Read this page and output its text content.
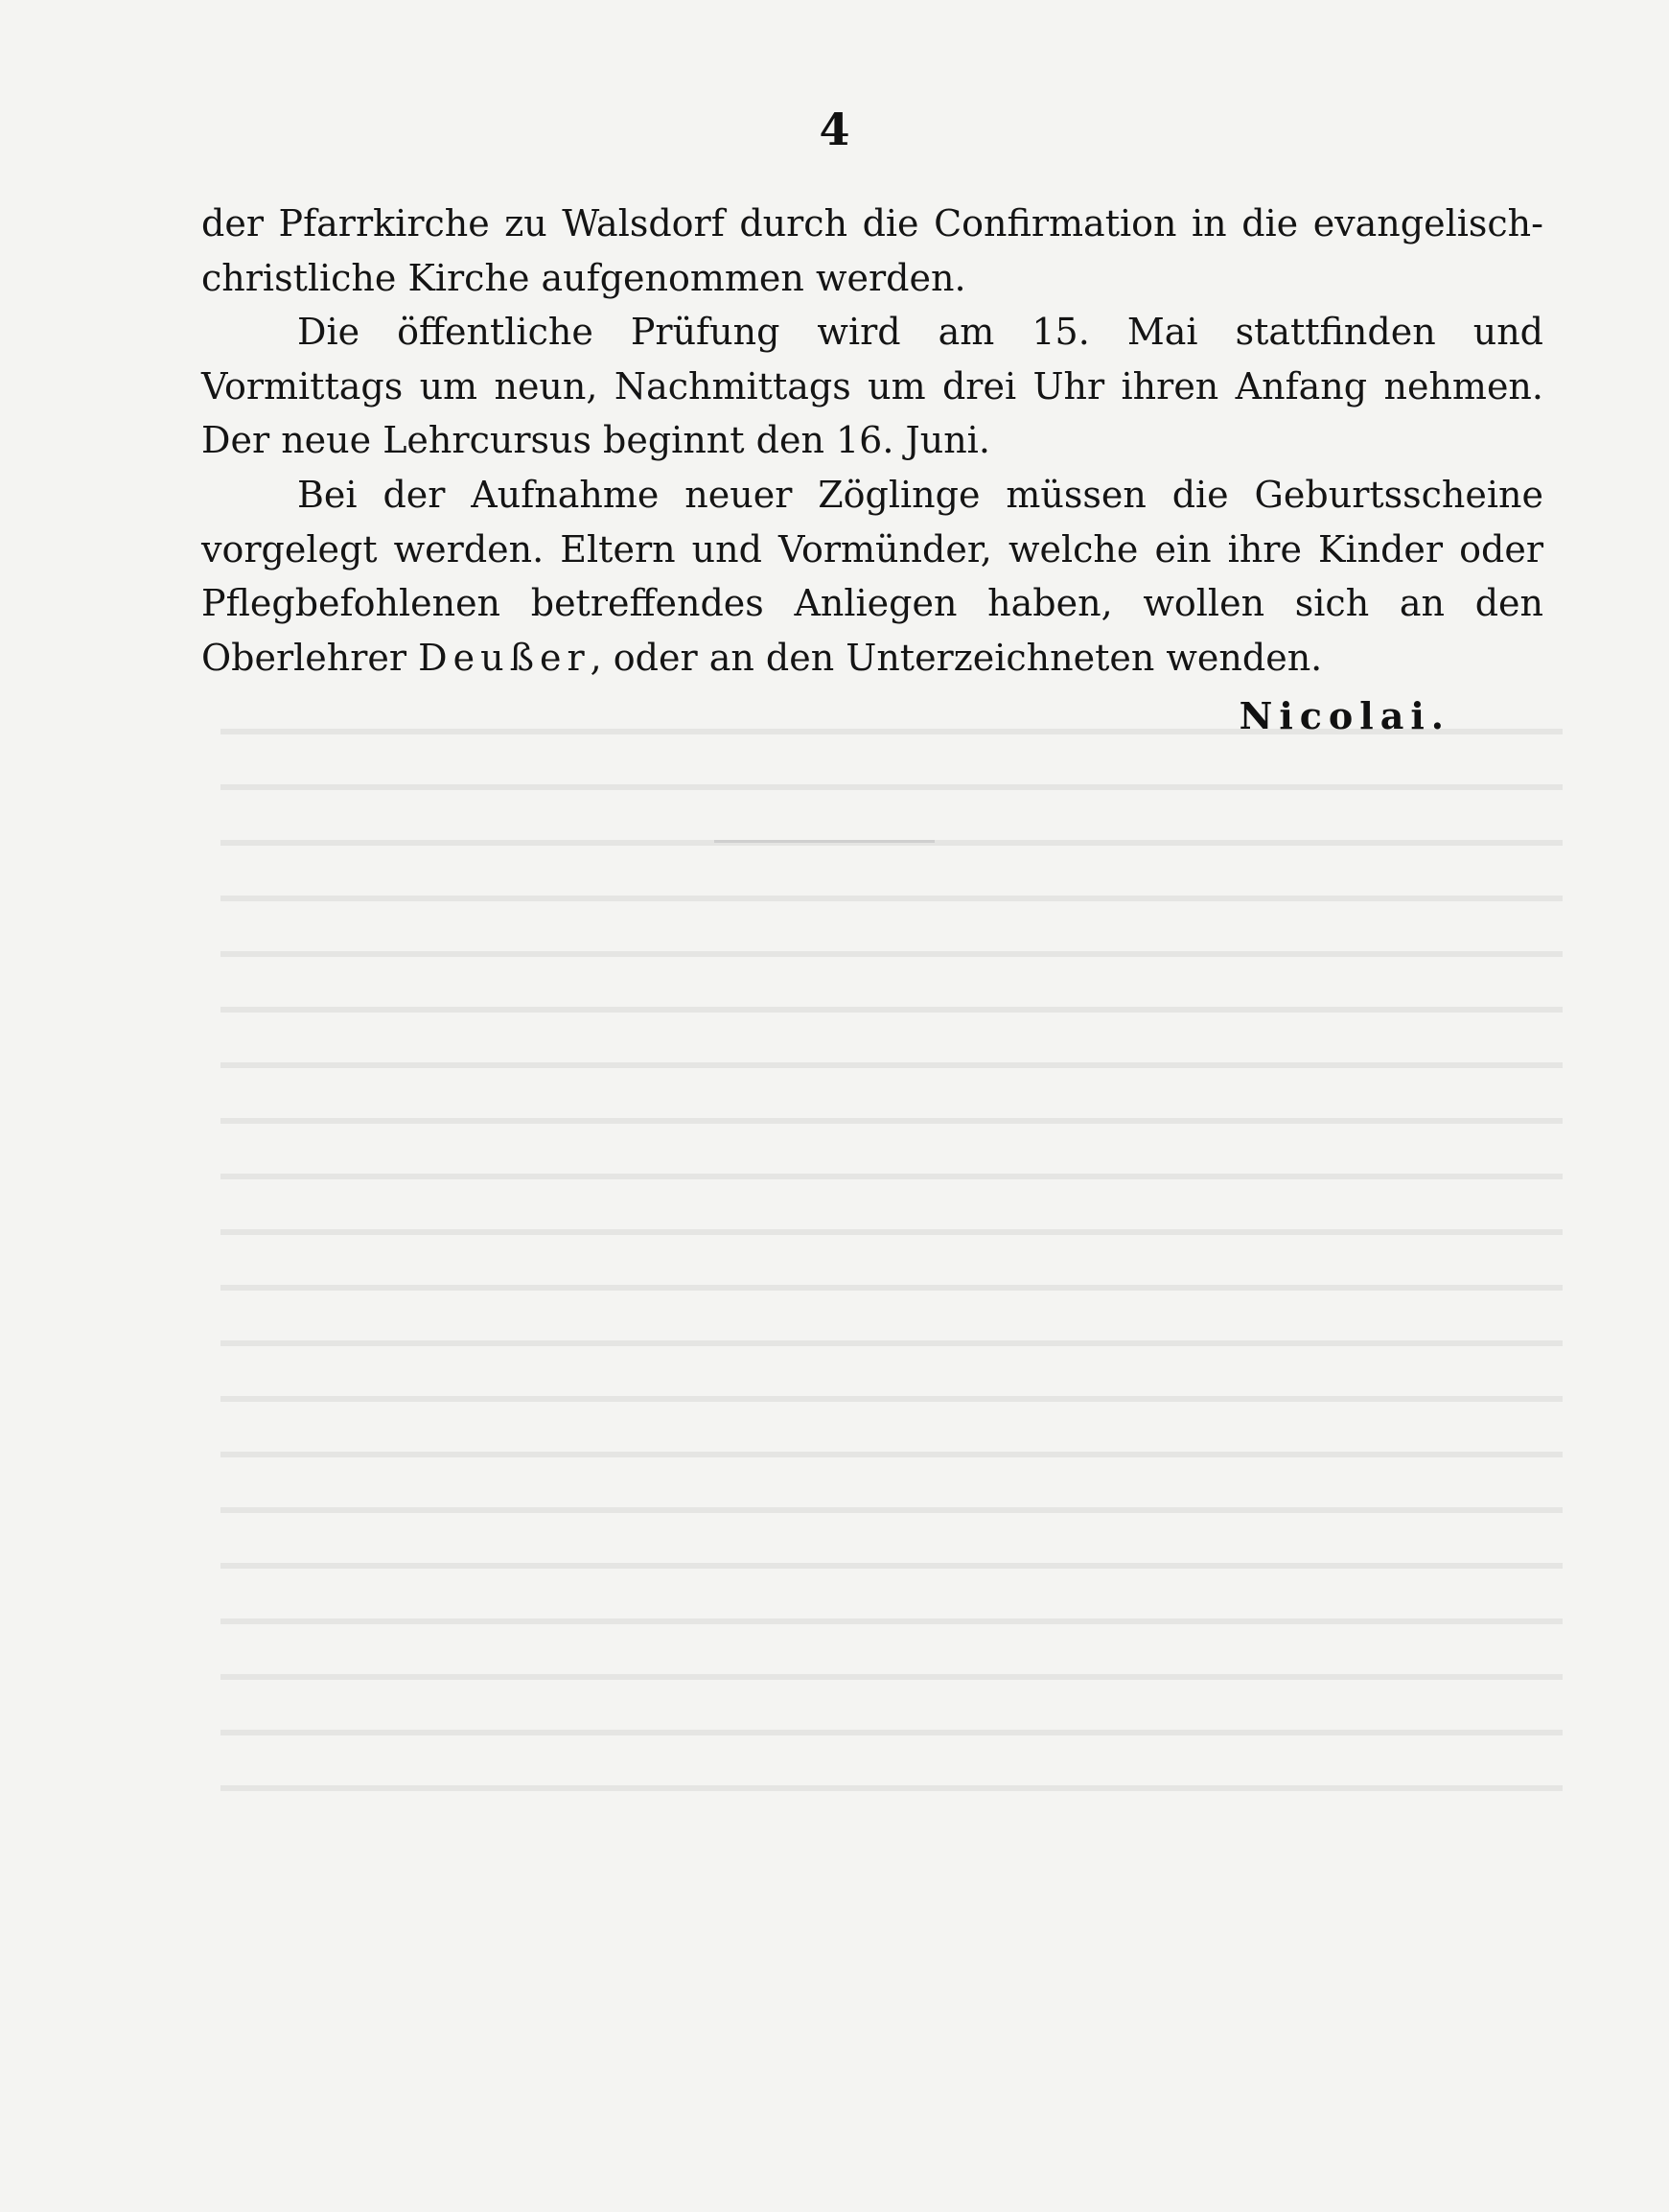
4

der Pfarrkirche zu Walsdorf durch die Confirmation in die evangelisch-christliche Kirche aufgenommen werden.

Die öffentliche Prüfung wird am 15. Mai stattfinden und Vormittags um neun, Nachmittags um drei Uhr ihren Anfang nehmen. Der neue Lehrcursus beginnt den 16. Juni.

Bei der Aufnahme neuer Zöglinge müssen die Geburtsscheine vorgelegt werden. Eltern und Vormünder, welche ein ihre Kinder oder Pflegbefohlenen betreffendes Anliegen haben, wollen sich an den Oberlehrer Deußer, oder an den Unterzeichneten wenden.

Nicolai.
